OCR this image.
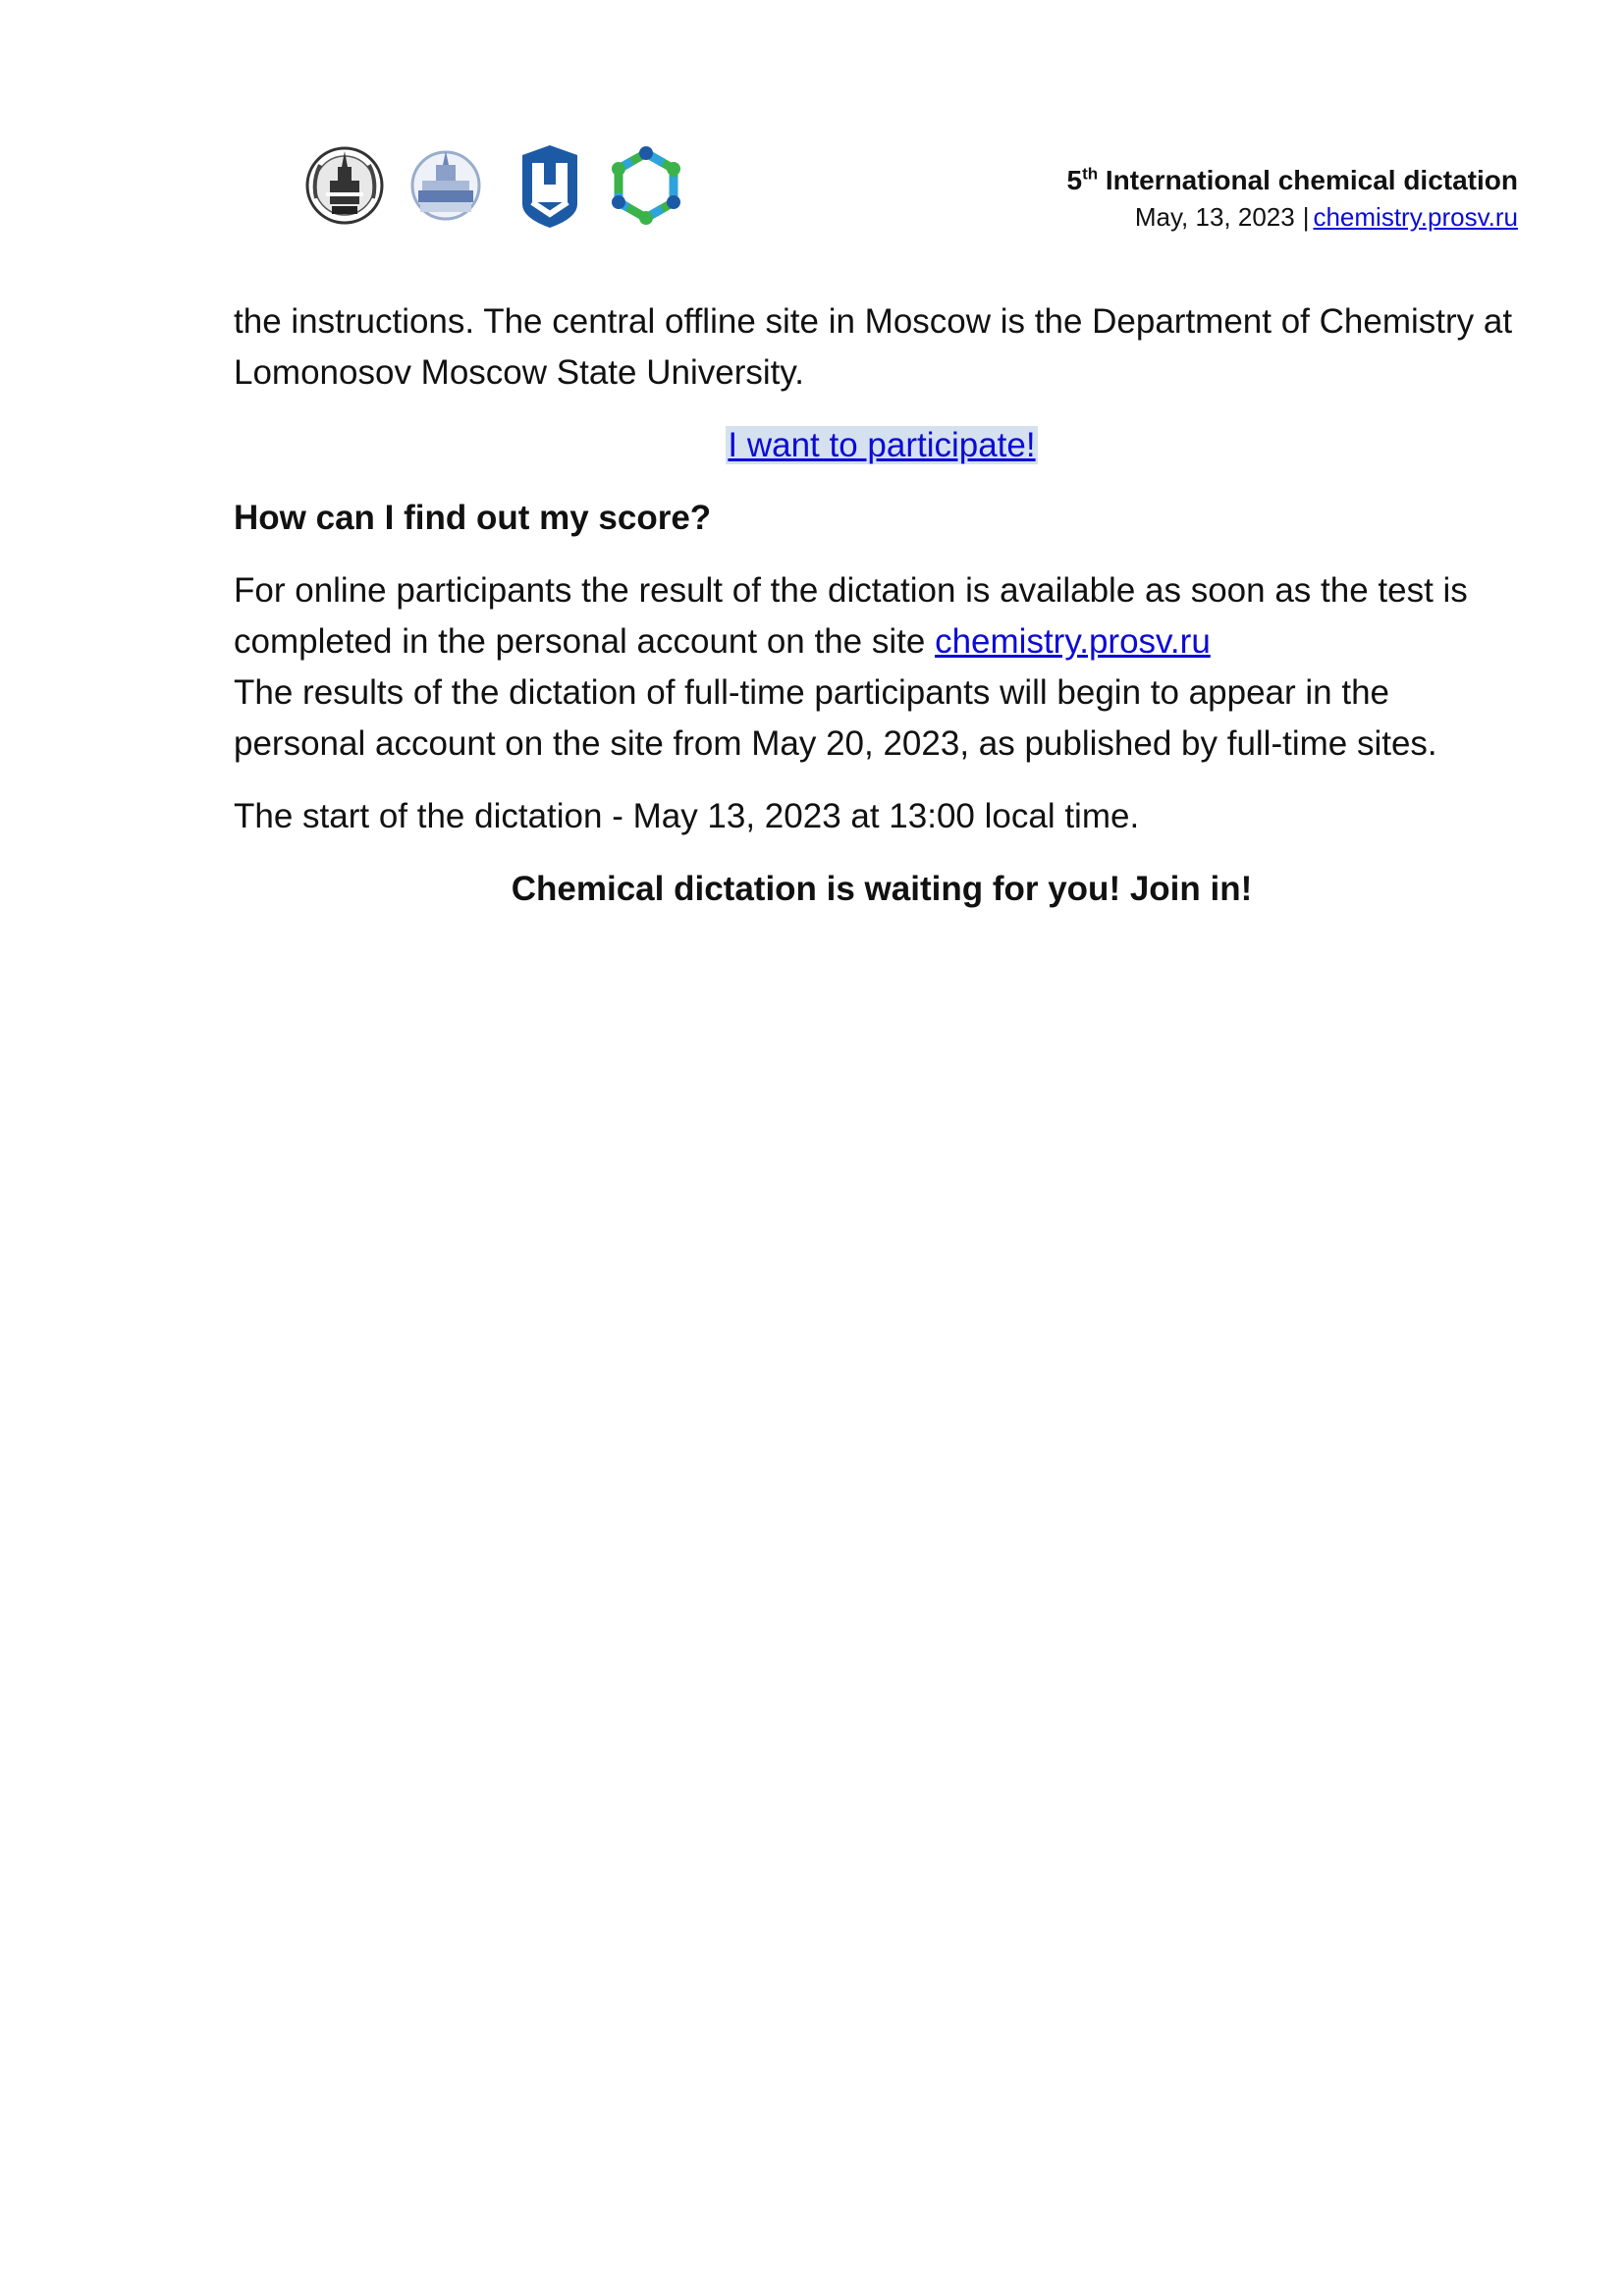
5th International chemical dictation
May, 13, 2023 | chemistry.prosv.ru

the instructions. The central offline site in Moscow is the Department of Chemistry at Lomonosov Moscow State University.

I want to participate!

How can I find out my score?

For online participants the result of the dictation is available as soon as the test is completed in the personal account on the site chemistry.prosv.ru
The results of the dictation of full-time participants will begin to appear in the personal account on the site from May 20, 2023, as published by full-time sites.

The start of the dictation - May 13, 2023 at 13:00 local time.

Chemical dictation is waiting for you! Join in!
